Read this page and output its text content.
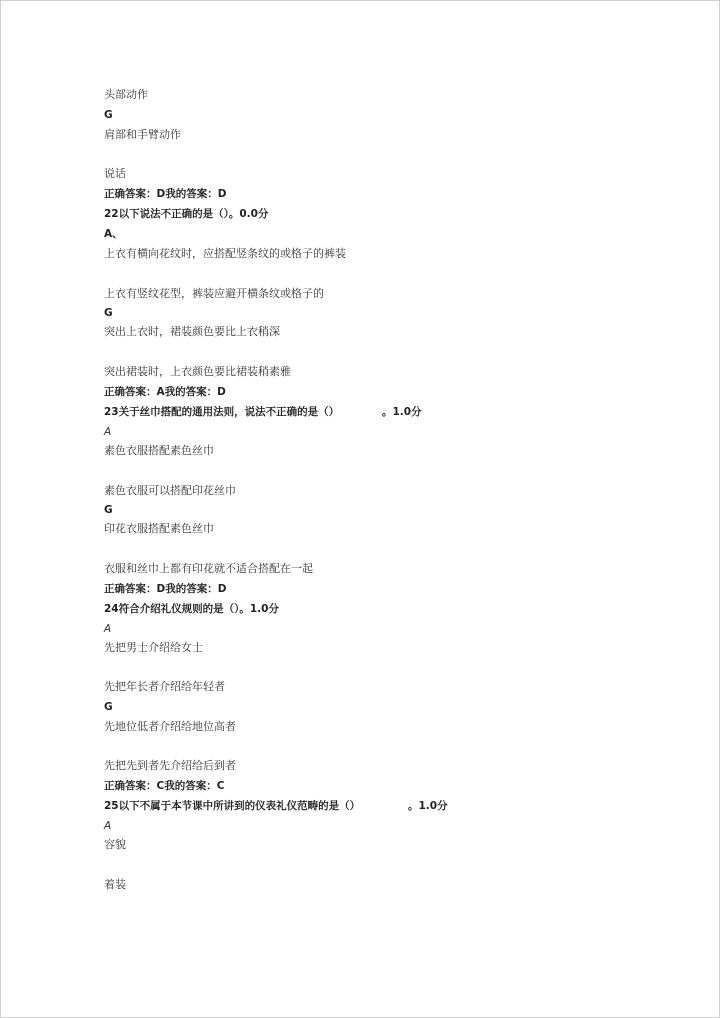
头部动作
G
肩部和手臂动作
说话
正确答案：D我的答案：D
22以下说法不正确的是（）。0.0分
A、
上衣有横向花纹时，应搭配竖条纹的或格子的裤装
上衣有竖纹花型，裤装应避开横条纹或格子的
G
突出上衣时，裙装颜色要比上衣稍深
突出裙装时，上衣颜色要比裙装稍素雅
正确答案：A我的答案：D
23关于丝巾搭配的通用法则，说法不正确的是（）	。1.0分
A
素色衣服搭配素色丝巾
素色衣服可以搭配印花丝巾
G
印花衣服搭配素色丝巾
衣服和丝巾上都有印花就不适合搭配在一起
正确答案：D我的答案：D
24符合介绍礼仪规则的是（）。1.0分
A
先把男士介绍给女士
先把年长者介绍给年轻者
G
先地位低者介绍给地位高者
先把先到者先介绍给后到者
正确答案：C我的答案：C
25以下不属于本节课中所讲到的仪表礼仪范畴的是（）	。1.0分
A
容貌
着装
